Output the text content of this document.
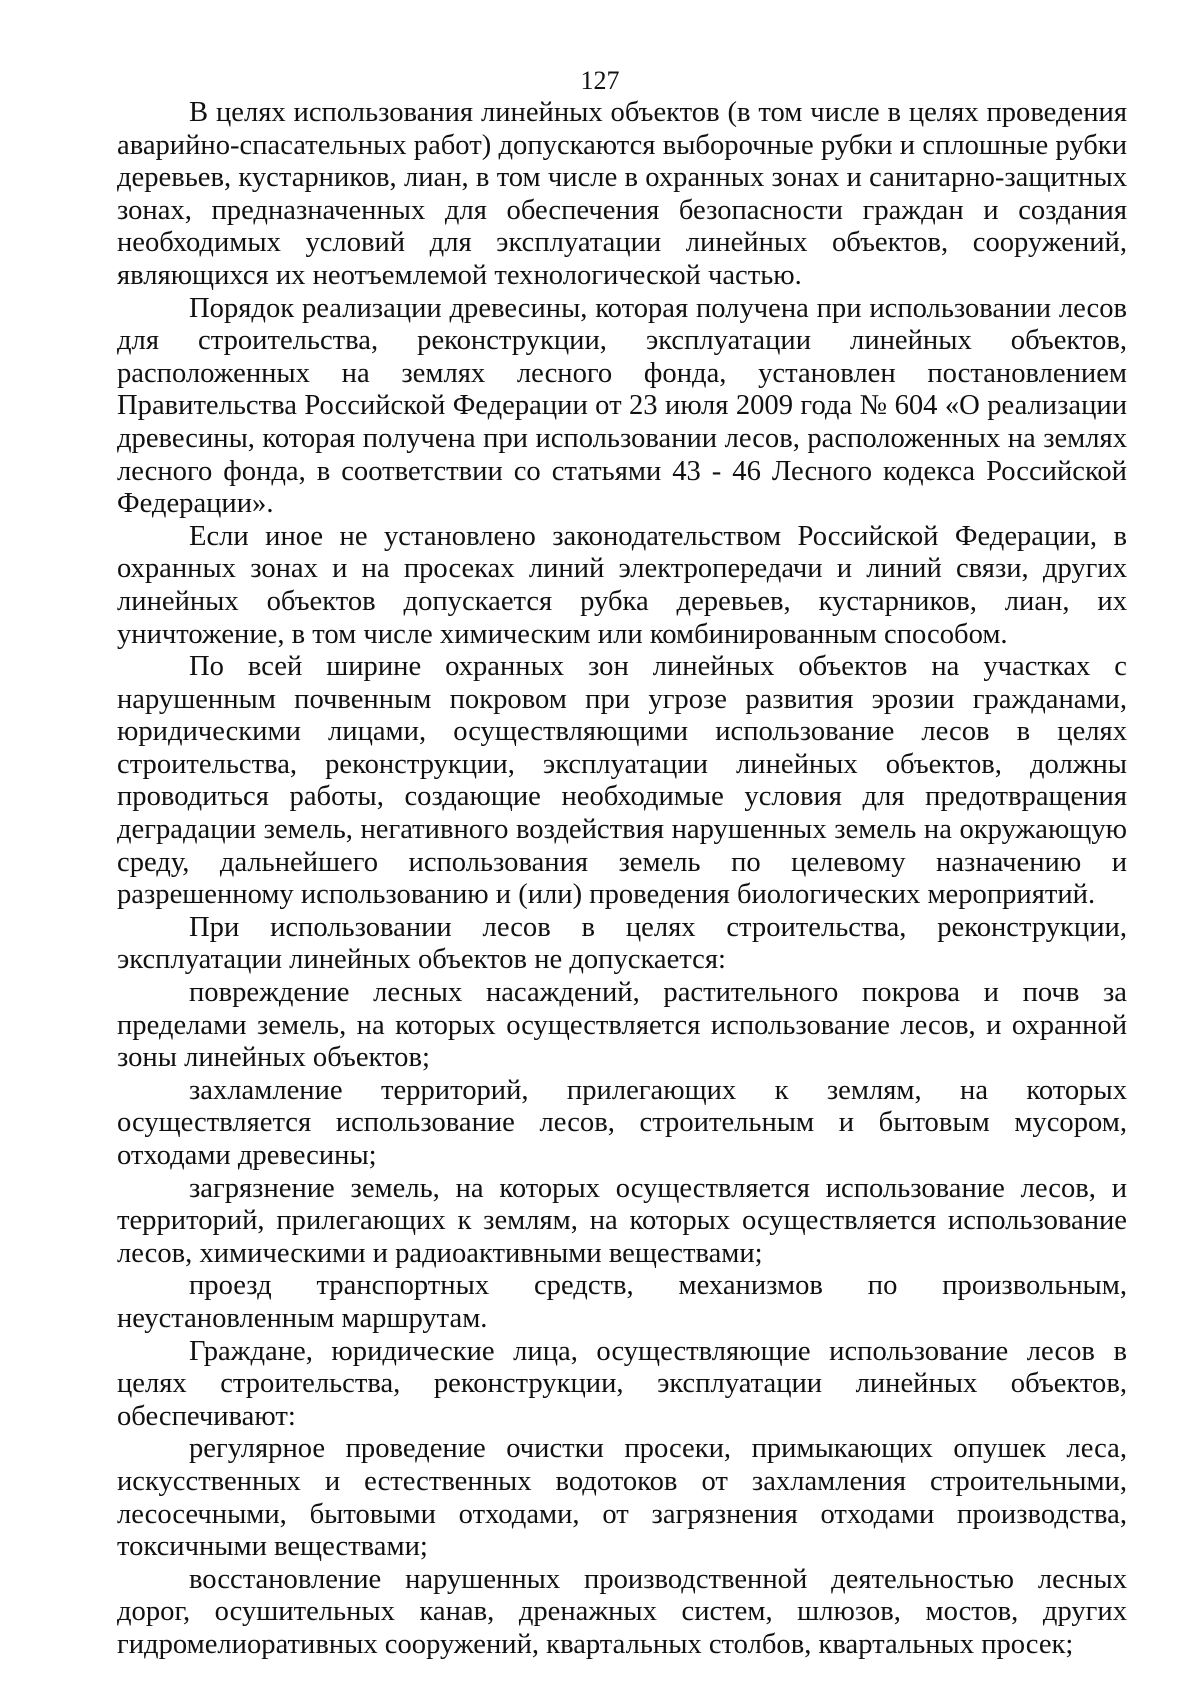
127

В целях использования линейных объектов (в том числе в целях проведения аварийно-спасательных работ) допускаются выборочные рубки и сплошные рубки деревьев, кустарников, лиан, в том числе в охранных зонах и санитарно-защитных зонах, предназначенных для обеспечения безопасности граждан и создания необходимых условий для эксплуатации линейных объектов, сооружений, являющихся их неотъемлемой технологической частью.

Порядок реализации древесины, которая получена при использовании лесов для строительства, реконструкции, эксплуатации линейных объектов, расположенных на землях лесного фонда, установлен постановлением Правительства Российской Федерации от 23 июля 2009 года № 604 «О реализации древесины, которая получена при использовании лесов, расположенных на землях лесного фонда, в соответствии со статьями 43 - 46 Лесного кодекса Российской Федерации».

Если иное не установлено законодательством Российской Федерации, в охранных зонах и на просеках линий электропередачи и линий связи, других линейных объектов допускается рубка деревьев, кустарников, лиан, их уничтожение, в том числе химическим или комбинированным способом.

По всей ширине охранных зон линейных объектов на участках с нарушенным почвенным покровом при угрозе развития эрозии гражданами, юридическими лицами, осуществляющими использование лесов в целях строительства, реконструкции, эксплуатации линейных объектов, должны проводиться работы, создающие необходимые условия для предотвращения деградации земель, негативного воздействия нарушенных земель на окружающую среду, дальнейшего использования земель по целевому назначению и разрешенному использованию и (или) проведения биологических мероприятий.

При использовании лесов в целях строительства, реконструкции, эксплуатации линейных объектов не допускается:

повреждение лесных насаждений, растительного покрова и почв за пределами земель, на которых осуществляется использование лесов, и охранной зоны линейных объектов;

захламление территорий, прилегающих к землям, на которых осуществляется использование лесов, строительным и бытовым мусором, отходами древесины;

загрязнение земель, на которых осуществляется использование лесов, и территорий, прилегающих к землям, на которых осуществляется использование лесов, химическими и радиоактивными веществами;

проезд транспортных средств, механизмов по произвольным, неустановленным маршрутам.

Граждане, юридические лица, осуществляющие использование лесов в целях строительства, реконструкции, эксплуатации линейных объектов, обеспечивают:

регулярное проведение очистки просеки, примыкающих опушек леса, искусственных и естественных водотоков от захламления строительными, лесосечными, бытовыми отходами, от загрязнения отходами производства, токсичными веществами;

восстановление нарушенных производственной деятельностью лесных дорог, осушительных канав, дренажных систем, шлюзов, мостов, других гидромелиоративных сооружений, квартальных столбов, квартальных просек;
